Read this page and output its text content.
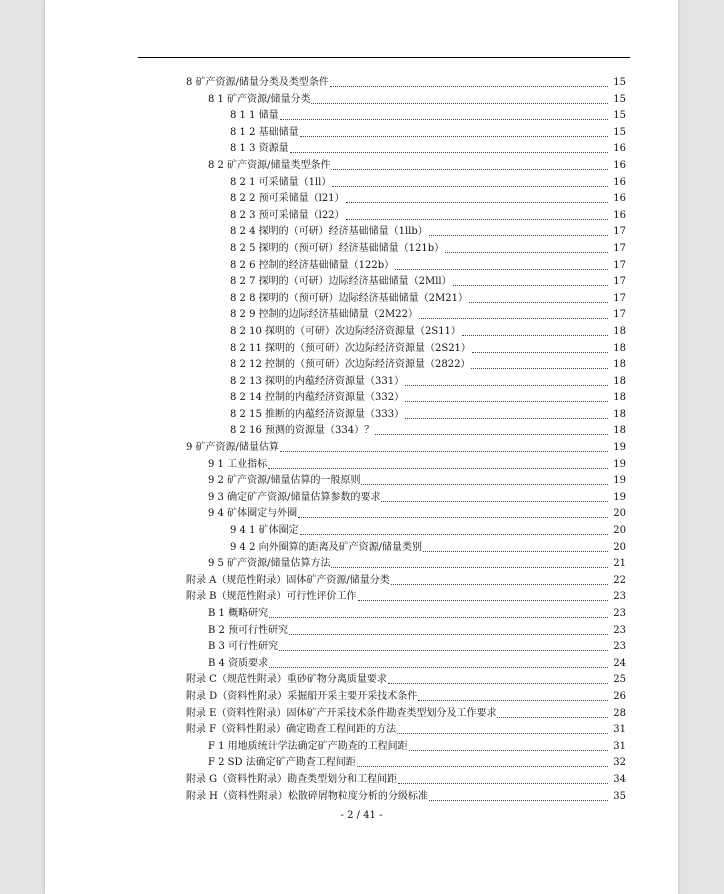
8 矿产资源/储量分类及类型条件	15
8 1 矿产资源/储量分类	15
8 1 1 储量	15
8 1 2 基础储量	15
8 1 3 资源量	16
8 2 矿产资源/储量类型条件	16
8 2 1 可采储量（1ll）	16
8 2 2 预可采储量（l21）	16
8 2 3 预可采储量（l22）	16
8 2 4 探明的（可研）经济基础储量（1llb）	17
8 2 5 探明的（预可研）经济基础储量（121b）	17
8 2 6 控制的经济基础储量（122b）	17
8 2 7 探明的（可研）边际经济基础储量（2Mll）	17
8 2 8 探明的（预可研）边际经济基础储量（2M21）	17
8 2 9 控制的边际经济基础储量（2M22）	17
8 2 10 探明的（可研）次边际经济资源量（2S11）	18
8 2 11 探明的（预可研）次边际经济资源量（2S21）	18
8 2 12 控制的（预可研）次边际经济资源量（2822）	18
8 2 13 探明的内蕴经济资源量（331）	18
8 2 14 控制的内蕴经济资源量（332）	18
8 2 15 推断的内蕴经济资源量（333）	18
8 2 16 预测的资源量（334）？	18
9 矿产资源/储量估算	19
9 1 工业指标	19
9 2 矿产资源/储量估算的一般原则	19
9 3 确定矿产资源/储量估算参数的要求	19
9 4 矿体圈定与外圈	20
9 4 1 矿体圈定	20
9 4 2 向外圈算的距离及矿产资源/储量类别	20
9 5 矿产资源/储量估算方法	21
附录 A（规范性附录）固体矿产资源/储量分类	22
附录 B（规范性附录）可行性评价工作	23
B 1 概略研究	23
B 2 预可行性研究	23
B 3 可行性研究	23
B 4 资质要求	24
附录 C（规范性附录）重砂矿物分离质量要求	25
附录 D（资料性附录）采掘船开采主要开采技术条件	26
附录 E（资料性附录）固体矿产开采技术条件勘查类型划分及工作要求	28
附录 F（资料性附录）确定勘查工程间距的方法	31
F 1 用地质统计学法确定矿产勘查的工程间距	31
F 2 SD 法确定矿产勘查工程间距	32
附录 G（资料性附录）勘查类型划分和工程间距	34
附录 H（资料性附录）松散碎屑物粒度分析的分级标准	35
- 2 / 41 -
